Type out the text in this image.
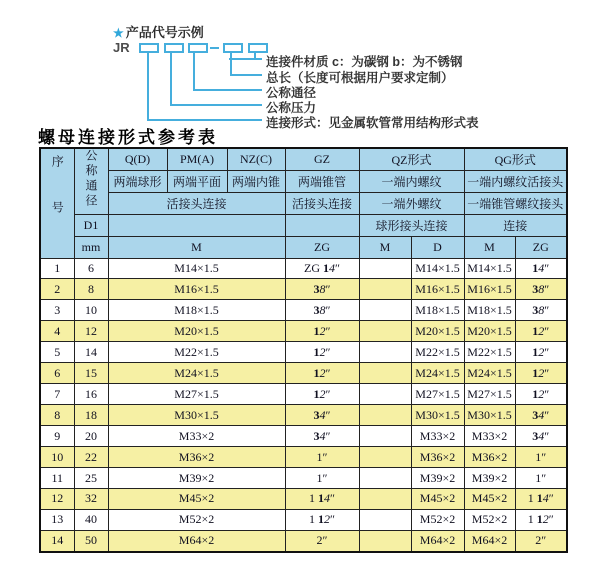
★ 产品代号示例
JR
连接件材质 c：为碳钢 b：为不锈钢
总长（长度可根据用户要求定制）
公称通径
公称压力
连接形式：见金属软管常用结构形式表
螺母连接形式参考表
序号	公称通径	Q(D)	PM(A)	NZ(C)	GZ	QZ形式		QG形式	
		两端球形	两端平面	两端内锥	两端锥管	一端内螺纹		一端内螺纹活接头	
		活接头连接			活接头连接	一端外螺纹		一端锥管螺纹接头	
	D1					球形接头连接		连接	
	mm	M			ZG	M	D	M	ZG
1	6	M14×1.5			ZG 14″		M14×1.5	M14×1.5	14″
2	8	M16×1.5			38″		M16×1.5	M16×1.5	38″
3	10	M18×1.5			38″		M18×1.5	M18×1.5	38″
4	12	M20×1.5			12″		M20×1.5	M20×1.5	12″
5	14	M22×1.5			12″		M22×1.5	M22×1.5	12″
6	15	M24×1.5			12″		M24×1.5	M24×1.5	12″
7	16	M27×1.5			12″		M27×1.5	M27×1.5	12″
8	18	M30×1.5			34″		M30×1.5	M30×1.5	34″
9	20	M33×2			34″		M33×2	M33×2	34″
10	22	M36×2			1″		M36×2	M36×2	1″
11	25	M39×2			1″		M39×2	M39×2	1″
12	32	M45×2			1 14″		M45×2	M45×2	1 14″
13	40	M52×2			1 12″		M52×2	M52×2	1 12″
14	50	M64×2			2″		M64×2	M64×2	2″
